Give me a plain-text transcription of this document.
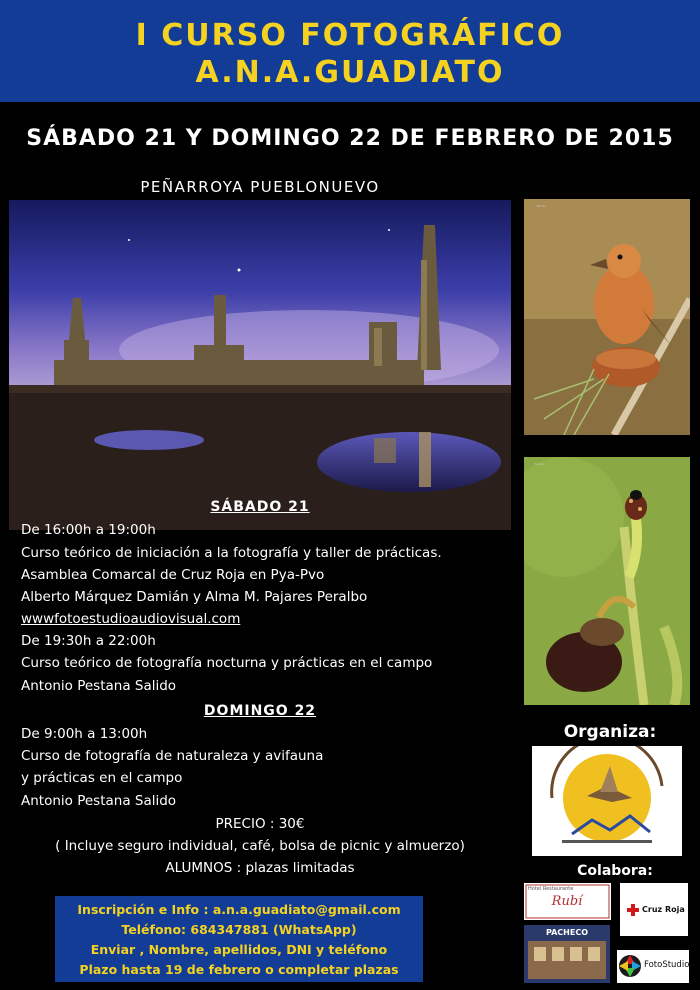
I CURSO FOTOGRÁFICO
A.N.A.GUADIATO
SÁBADO 21 Y DOMINGO 22 DE FEBRERO DE 2015
PEÑARROYA PUEBLONUEVO
~~
~~
SÁBADO 21
De 16:00h a 19:00h
Curso teórico de iniciación a la fotografía y taller de prácticas.
Asamblea Comarcal de Cruz Roja en Pya-Pvo
Alberto Márquez Damián y Alma M. Pajares Peralbo
wwwfotoestudioaudiovisual.com
De 19:30h a 22:00h
Curso teórico de fotografía nocturna y prácticas en el campo
Antonio Pestana Salido
DOMINGO 22
De 9:00h a 13:00h
Curso de fotografía de naturaleza y avifauna
y prácticas en el campo
Antonio Pestana Salido
PRECIO : 30€
( Incluye seguro individual, café, bolsa de picnic y almuerzo)
ALUMNOS : plazas limitadas
Inscripción e Info : a.n.a.guadiato@gmail.com
Teléfono: 684347881 (WhatsApp)
Enviar , Nombre, apellidos, DNI y teléfono
Plazo hasta 19 de febrero o completar plazas
Organiza:
Colabora:
Rubí
Hotel Restaurante
Cruz Roja
PACHECO
FotoStudio
